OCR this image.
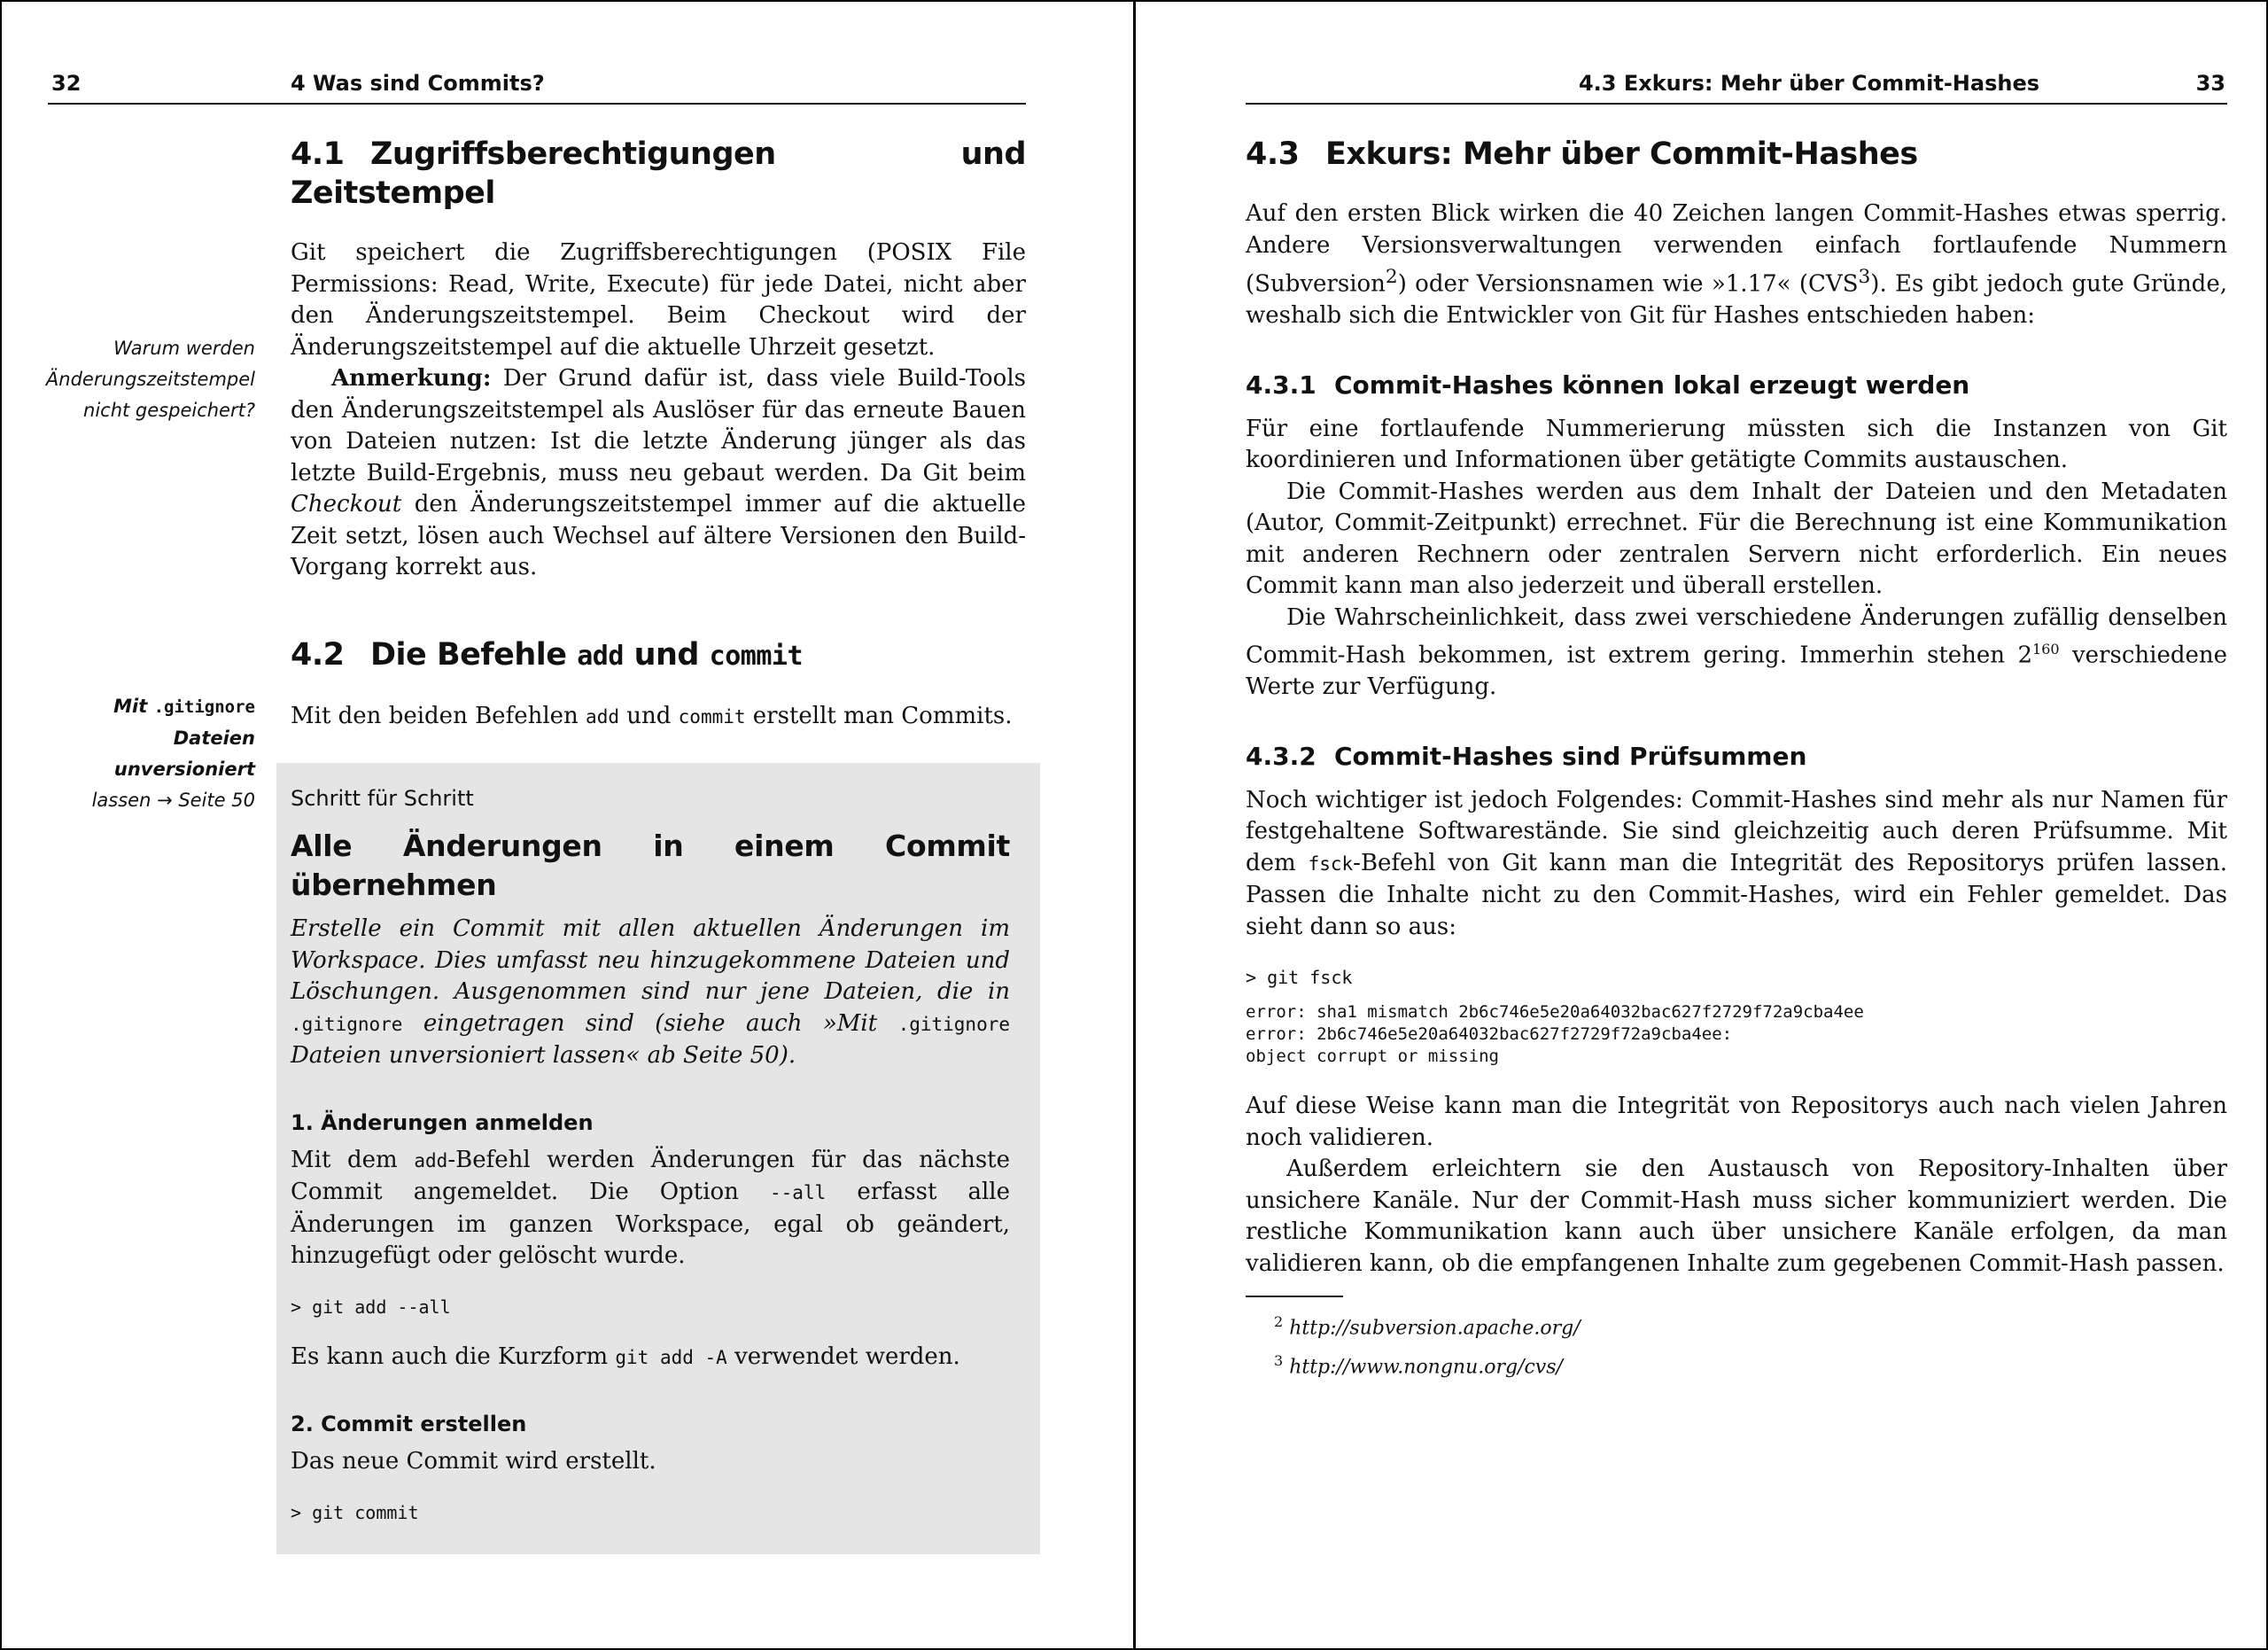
32	4 Was sind Commits?
Warum werden
Änderungszeitstempel
nicht gespeichert?
Mit .gitignore
Dateien unversioniert
lassen → Seite 50
4.1 Zugriffsberechtigungen und Zeitstempel

Git speichert die Zugriffsberechtigungen (POSIX File Permissions: Read, Write, Execute) für jede Datei, nicht aber den Änderungszeitstempel. Beim Checkout wird der Änderungszeitstempel auf die aktuelle Uhrzeit gesetzt.

Anmerkung: Der Grund dafür ist, dass viele Build-Tools den Änderungszeitstempel als Auslöser für das erneute Bauen von Dateien nutzen: Ist die letzte Änderung jünger als das letzte Build-Ergebnis, muss neu gebaut werden. Da Git beim Checkout den Änderungszeitstempel immer auf die aktuelle Zeit setzt, lösen auch Wechsel auf ältere Versionen den Build-Vorgang korrekt aus.

4.2 Die Befehle add und commit

Mit den beiden Befehlen add und commit erstellt man Commits.

Schritt für Schritt
Alle Änderungen in einem Commit übernehmen

Erstelle ein Commit mit allen aktuellen Änderungen im Workspace. Dies umfasst neu hinzugekommene Dateien und Löschungen. Ausgenommen sind nur jene Dateien, die in .gitignore eingetragen sind (siehe auch »Mit .gitignore Dateien unversioniert lassen« ab Seite 50).

1. Änderungen anmelden

Mit dem add-Befehl werden Änderungen für das nächste Commit angemeldet. Die Option --all erfasst alle Änderungen im ganzen Workspace, egal ob geändert, hinzugefügt oder gelöscht wurde.

> git add --all

Es kann auch die Kurzform git add -A verwendet werden.

2. Commit erstellen

Das neue Commit wird erstellt.

> git commit
4.3 Exkurs: Mehr über Commit-Hashes	33
4.3 Exkurs: Mehr über Commit-Hashes

Auf den ersten Blick wirken die 40 Zeichen langen Commit-Hashes etwas sperrig. Andere Versionsverwaltungen verwenden einfach fortlaufende Nummern (Subversion$^2$) oder Versionsnamen wie »1.17« (CVS$^3$). Es gibt jedoch gute Gründe, weshalb sich die Entwickler von Git für Hashes entschieden haben:

4.3.1 Commit-Hashes können lokal erzeugt werden

Für eine fortlaufende Nummerierung müssten sich die Instanzen von Git koordinieren und Informationen über getätigte Commits austauschen.

Die Commit-Hashes werden aus dem Inhalt der Dateien und den Metadaten (Autor, Commit-Zeitpunkt) errechnet. Für die Berechnung ist eine Kommunikation mit anderen Rechnern oder zentralen Servern nicht erforderlich. Ein neues Commit kann man also jederzeit und überall erstellen.

Die Wahrscheinlichkeit, dass zwei verschiedene Änderungen zufällig denselben Commit-Hash bekommen, ist extrem gering. Immerhin stehen $2^{160}$ verschiedene Werte zur Verfügung.

4.3.2 Commit-Hashes sind Prüfsummen

Noch wichtiger ist jedoch Folgendes: Commit-Hashes sind mehr als nur Namen für festgehaltene Softwarestände. Sie sind gleichzeitig auch deren Prüfsumme. Mit dem fsck-Befehl von Git kann man die Integrität des Repositorys prüfen lassen. Passen die Inhalte nicht zu den Commit-Hashes, wird ein Fehler gemeldet. Das sieht dann so aus:

> git fsck
error: sha1 mismatch 2b6c746e5e20a64032bac627f2729f72a9cba4ee
error: 2b6c746e5e20a64032bac627f2729f72a9cba4ee:
object corrupt or missing

Auf diese Weise kann man die Integrität von Repositorys auch nach vielen Jahren noch validieren.

Außerdem erleichtern sie den Austausch von Repository-Inhalten über unsichere Kanäle. Nur der Commit-Hash muss sicher kommuniziert werden. Die restliche Kommunikation kann auch über unsichere Kanäle erfolgen, da man validieren kann, ob die empfangenen Inhalte zum gegebenen Commit-Hash passen.

$^2$ http://subversion.apache.org/
$^3$ http://www.nongnu.org/cvs/
